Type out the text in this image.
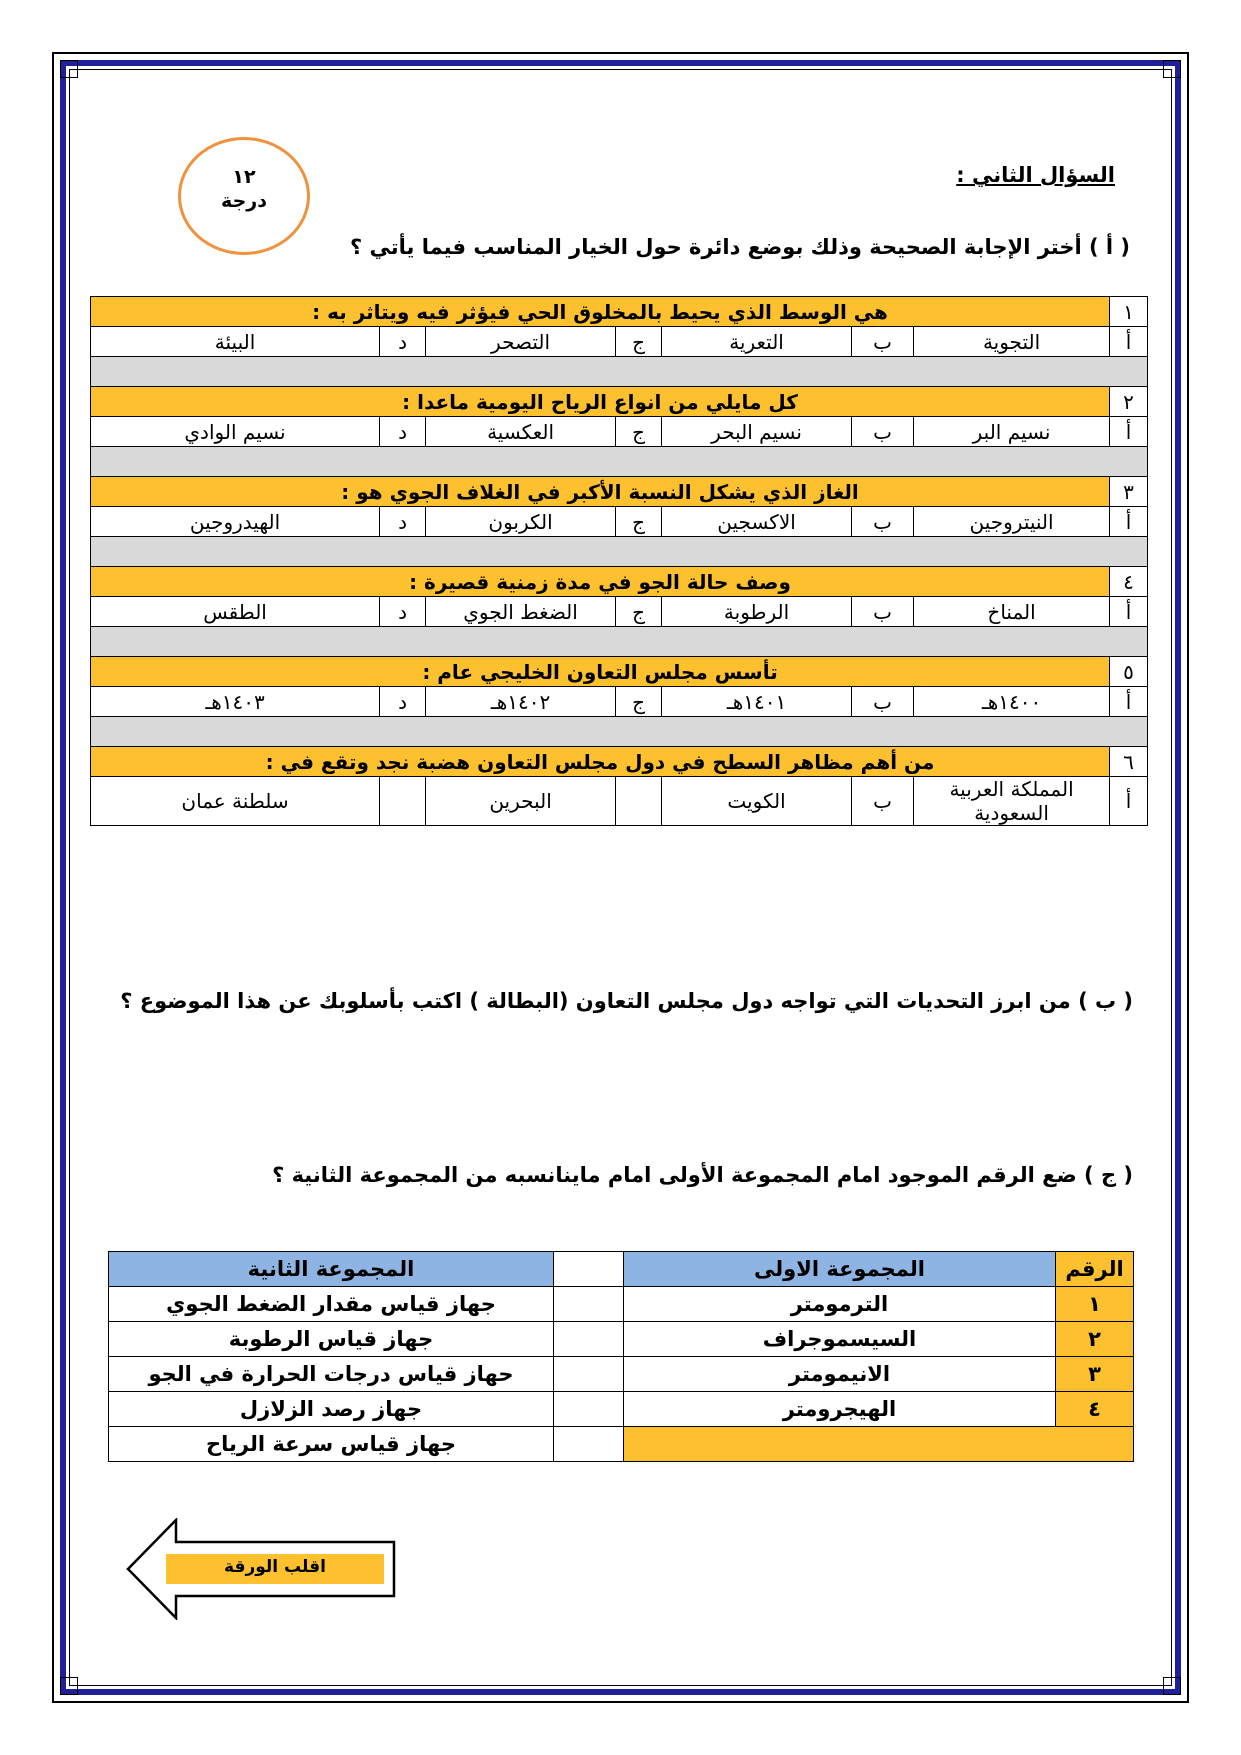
السؤال الثاني :
١٢
درجة
( أ ) أختر الإجابة الصحيحة وذلك بوضع دائرة حول الخيار المناسب فيما يأتي ؟
١	هي الوسط الذي يحيط بالمخلوق الحي فيؤثر فيه ويتاثر به :						
أ	التجوية	ب	التعرية	ج	التصحر	د	البيئة

٢	كل مايلي من انواع الرياح اليومية ماعدا :						
أ	نسيم البر	ب	نسيم البحر	ج	العكسية	د	نسيم الوادي

٣	الغاز الذي يشكل النسبة الأكبر في الغلاف الجوي هو :						
أ	النيتروجين	ب	الاكسجين	ج	الكربون	د	الهيدروجين

٤	وصف حالة الجو في مدة زمنية قصيرة :						
أ	المناخ	ب	الرطوبة	ج	الضغط الجوي	د	الطقس

٥	تأسس مجلس التعاون الخليجي عام :						
أ	١٤٠٠هـ	ب	١٤٠١هـ	ج	١٤٠٢هـ	د	١٤٠٣هـ

٦	من أهم مظاهر السطح في دول مجلس التعاون هضبة نجد وتقع في :						
أ	المملكة العربية السعودية	ب	الكويت		البحرين		سلطنة عمان
( ب ) من ابرز التحديات التي تواجه دول مجلس التعاون (البطالة ) اكتب بأسلوبك عن هذا الموضوع ؟
( ج ) ضع الرقم الموجود امام المجموعة الأولى امام ماينانسبه من المجموعة الثانية ؟
الرقم	المجموعة الاولى		المجموعة الثانية
١	الترمومتر		جهاز قياس مقدار الضغط الجوي
٢	السيسموجراف		جهاز قياس الرطوبة
٣	الانيمومتر		حهاز قياس درجات الحرارة في الجو
٤	الهيجرومتر		جهاز رصد الزلازل
			جهاز قياس سرعة الرياح
اقلب الورقة
